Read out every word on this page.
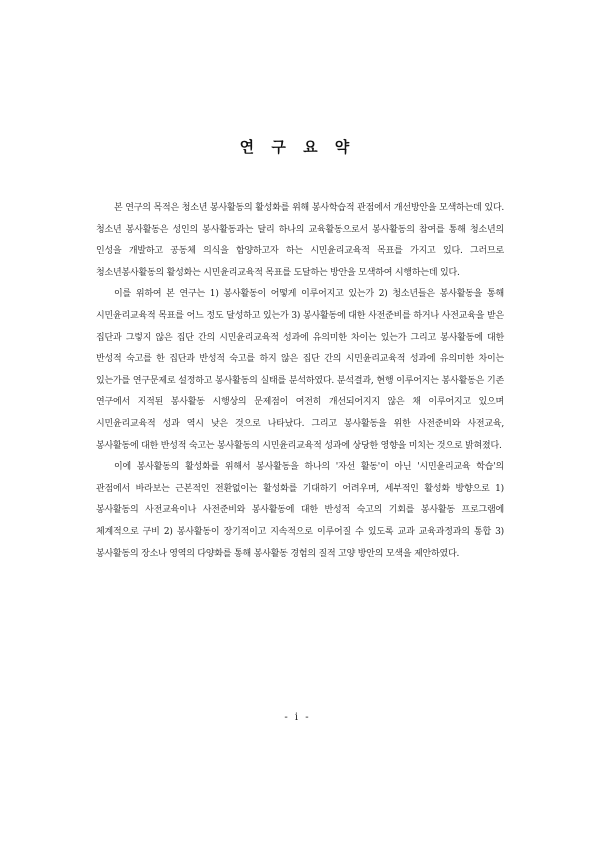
연 구 요 약

본 연구의 목적은 청소년 봉사활동의 활성화를 위해 봉사학습적 관점에서 개선방안을 모색하는데 있다. 청소년 봉사활동은 성인의 봉사활동과는 달리 하나의 교육활동으로서 봉사활동의 참여를 통해 청소년의 인성을 개발하고 공동체 의식을 함양하고자 하는 시민윤리교육적 목표를 가지고 있다. 그러므로 청소년봉사활동의 활성화는 시민윤리교육적 목표를 도달하는 방안을 모색하여 시행하는데 있다.

이를 위하여 본 연구는 1) 봉사활동이 어떻게 이루어지고 있는가 2) 청소년들은 봉사활동을 통해 시민윤리교육적 목표를 어느 정도 달성하고 있는가 3) 봉사활동에 대한 사전준비를 하거나 사전교육을 받은 집단과 그렇지 않은 집단 간의 시민윤리교육적 성과에 유의미한 차이는 있는가 그리고 봉사활동에 대한 반성적 숙고를 한 집단과 반성적 숙고를 하지 않은 집단 간의 시민윤리교육적 성과에 유의미한 차이는 있는가를 연구문제로 설정하고 봉사활동의 실태를 분석하였다. 분석결과, 현행 이루어지는 봉사활동은 기존 연구에서 지적된 봉사활동 시행상의 문제점이 여전히 개선되어지지 않은 채 이루어지고 있으며 시민윤리교육적 성과 역시 낮은 것으로 나타났다. 그리고 봉사활동을 위한 사전준비와 사전교육, 봉사활동에 대한 반성적 숙고는 봉사활동의 시민윤리교육적 성과에 상당한 영향을 미치는 것으로 밝혀졌다.

이에 봉사활동의 활성화를 위해서 봉사활동을 하나의 '자선 활동'이 아닌 '시민윤리교육 학습'의 관점에서 바라보는 근본적인 전환없이는 활성화를 기대하기 어려우며, 세부적인 활성화 방향으로 1)봉사활동의 사전교육이나 사전준비와 봉사활동에 대한 반성적 숙고의 기회를 봉사활동 프로그램에 체계적으로 구비 2) 봉사활동이 장기적이고 지속적으로 이루어질 수 있도록 교과 교육과정과의 통합 3) 봉사활동의 장소나 영역의 다양화를 통해 봉사활동 경험의 질적 고양 방안의 모색을 제안하였다.

- i -
